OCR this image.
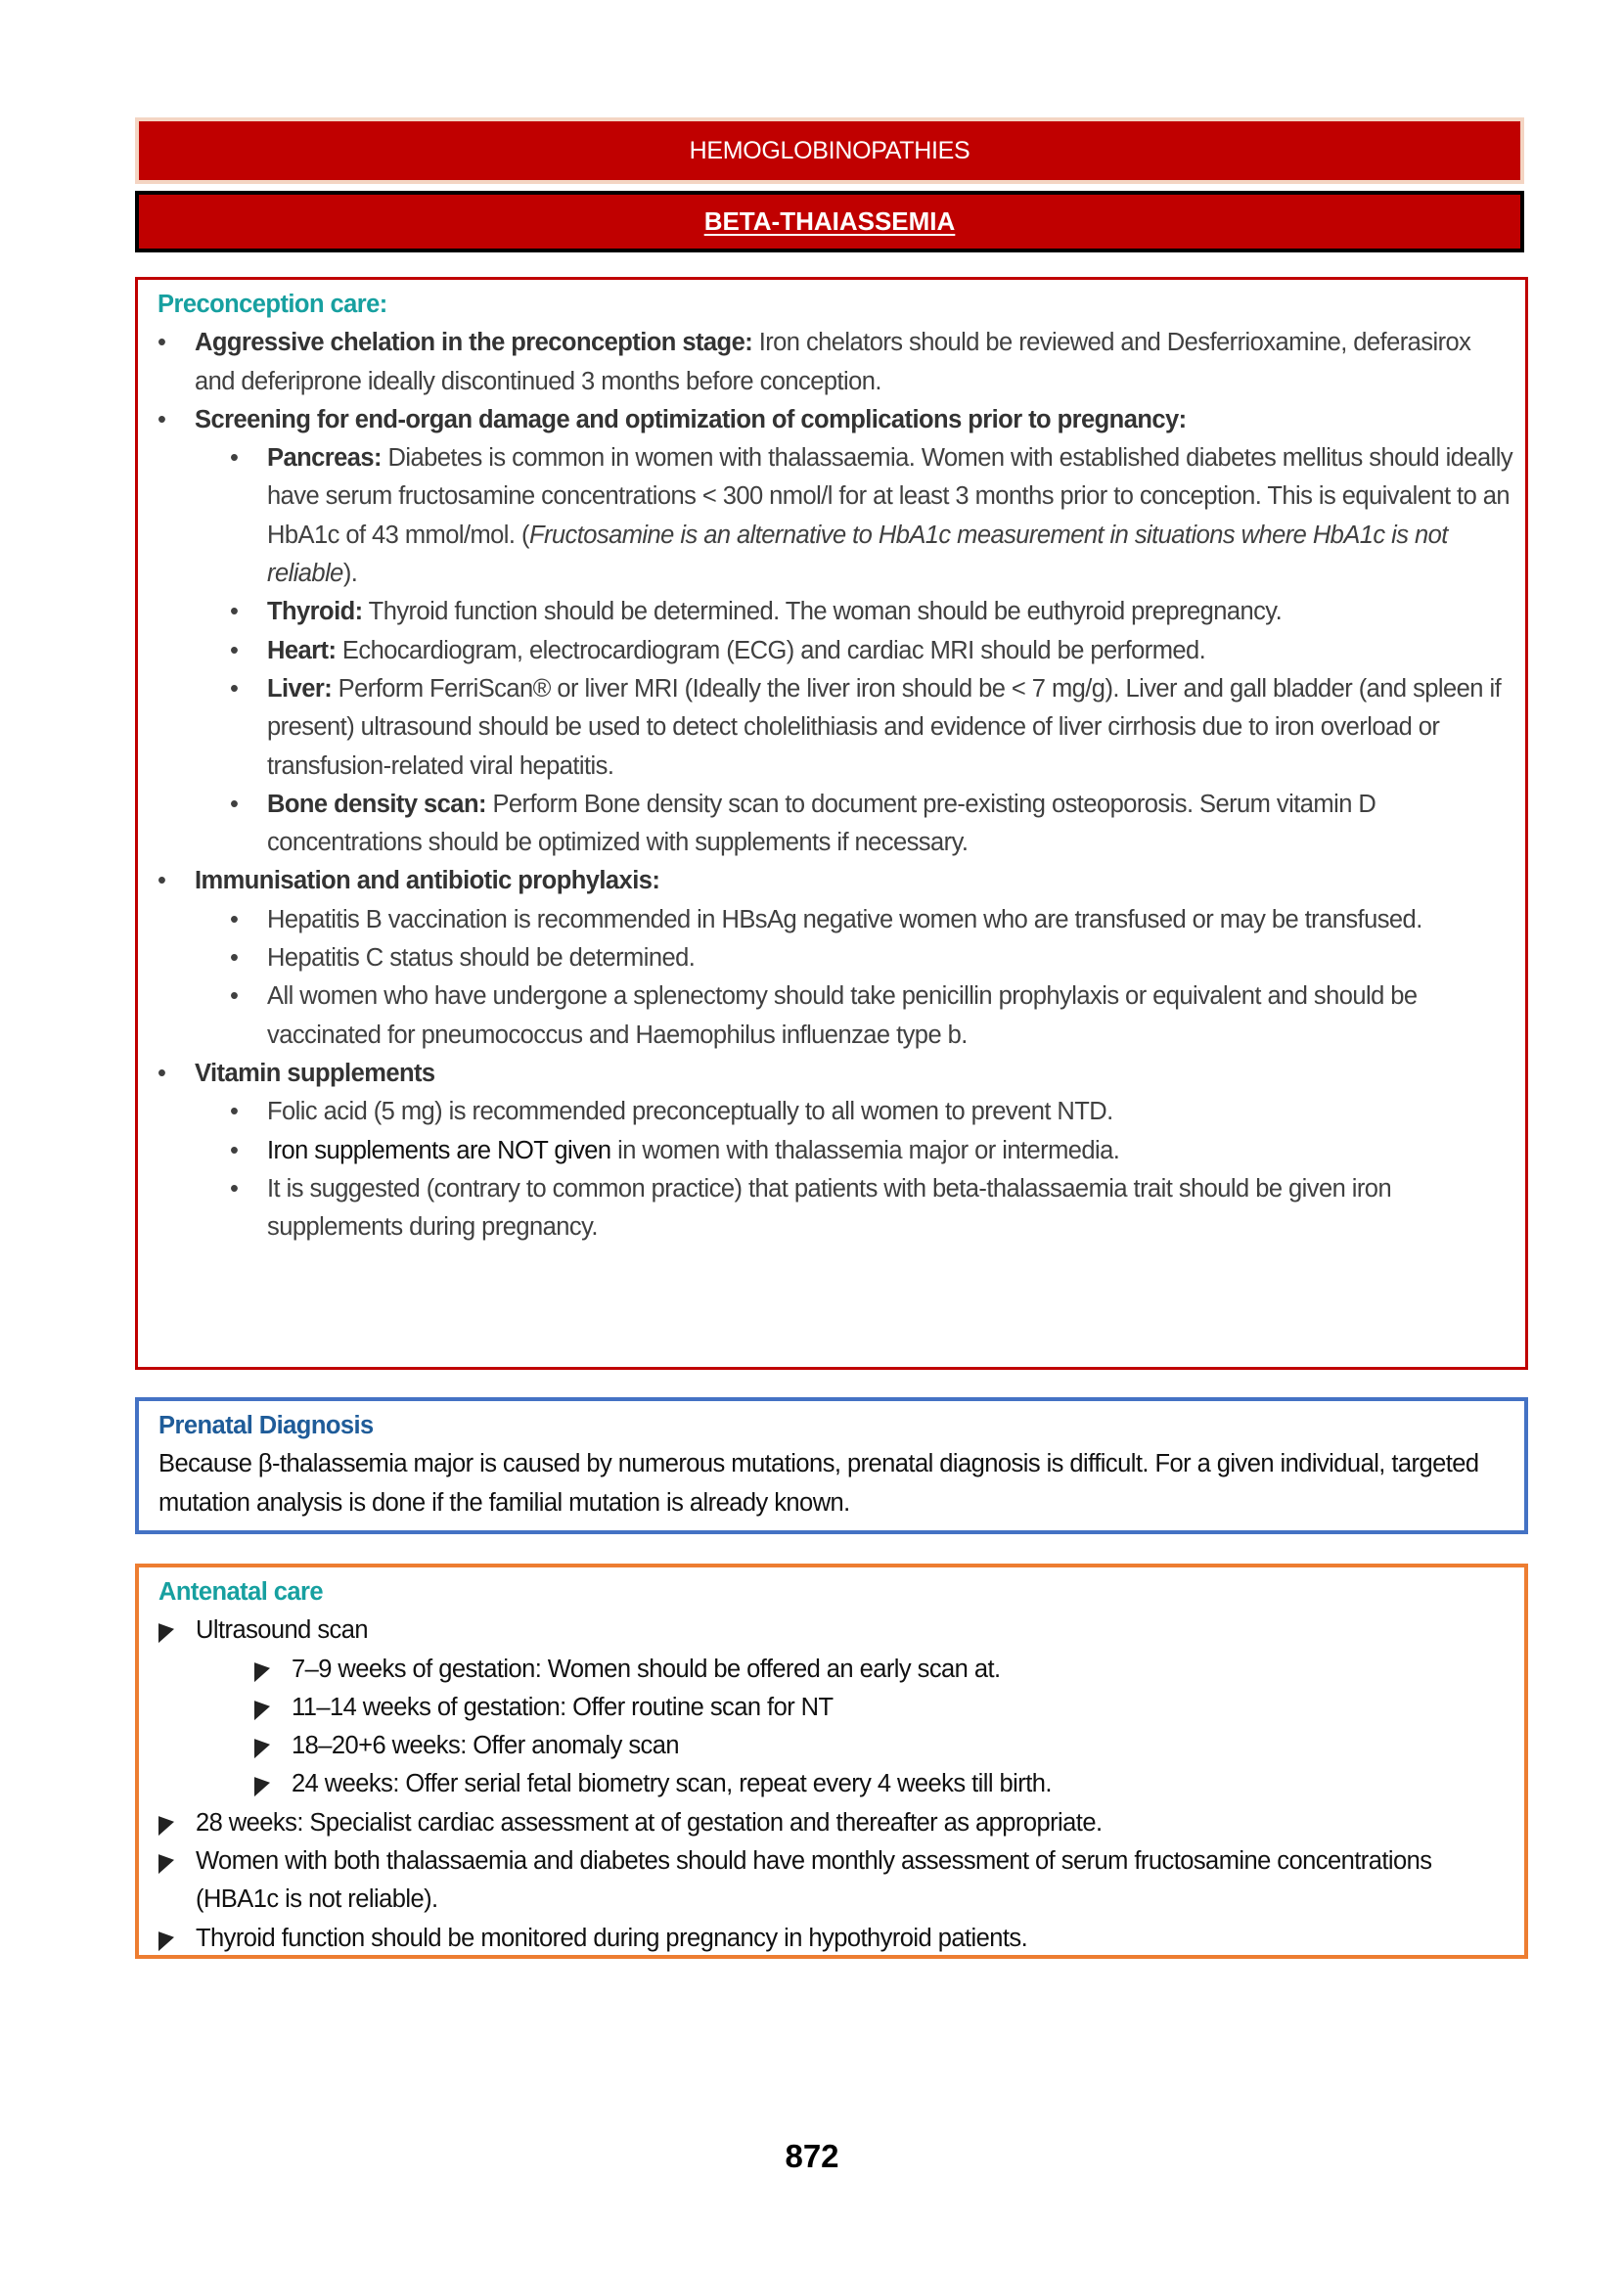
HEMOGLOBINOPATHIES
BETA-THAIASSEMIA
Preconception care:
• Aggressive chelation in the preconception stage: Iron chelators should be reviewed and Desferrioxamine, deferasirox and deferiprone ideally discontinued 3 months before conception.
• Screening for end-organ damage and optimization of complications prior to pregnancy:
• Pancreas: Diabetes is common in women with thalassaemia. Women with established diabetes mellitus should ideally have serum fructosamine concentrations < 300 nmol/l for at least 3 months prior to conception. This is equivalent to an HbA1c of 43 mmol/mol. (Fructosamine is an alternative to HbA1c measurement in situations where HbA1c is not reliable).
• Thyroid: Thyroid function should be determined. The woman should be euthyroid prepregnancy.
• Heart: Echocardiogram, electrocardiogram (ECG) and cardiac MRI should be performed.
• Liver: Perform FerriScan® or liver MRI (Ideally the liver iron should be < 7 mg/g). Liver and gall bladder (and spleen if present) ultrasound should be used to detect cholelithiasis and evidence of liver cirrhosis due to iron overload or transfusion-related viral hepatitis.
• Bone density scan: Perform Bone density scan to document pre-existing osteoporosis. Serum vitamin D concentrations should be optimized with supplements if necessary.
• Immunisation and antibiotic prophylaxis:
• Hepatitis B vaccination is recommended in HBsAg negative women who are transfused or may be transfused.
• Hepatitis C status should be determined.
• All women who have undergone a splenectomy should take penicillin prophylaxis or equivalent and should be vaccinated for pneumococcus and Haemophilus influenzae type b.
• Vitamin supplements
• Folic acid (5 mg) is recommended preconceptually to all women to prevent NTD.
• Iron supplements are NOT given in women with thalassemia major or intermedia.
• It is suggested (contrary to common practice) that patients with beta-thalassaemia trait should be given iron supplements during pregnancy.
Prenatal Diagnosis
Because β-thalassemia major is caused by numerous mutations, prenatal diagnosis is difficult. For a given individual, targeted mutation analysis is done if the familial mutation is already known.
Antenatal care
Ultrasound scan
7–9 weeks of gestation: Women should be offered an early scan at.
11–14 weeks of gestation: Offer routine scan for NT
18–20+6 weeks: Offer anomaly scan
24 weeks: Offer serial fetal biometry scan, repeat every 4 weeks till birth.
28 weeks: Specialist cardiac assessment at of gestation and thereafter as appropriate.
Women with both thalassaemia and diabetes should have monthly assessment of serum fructosamine concentrations (HBA1c is not reliable).
Thyroid function should be monitored during pregnancy in hypothyroid patients.
872
